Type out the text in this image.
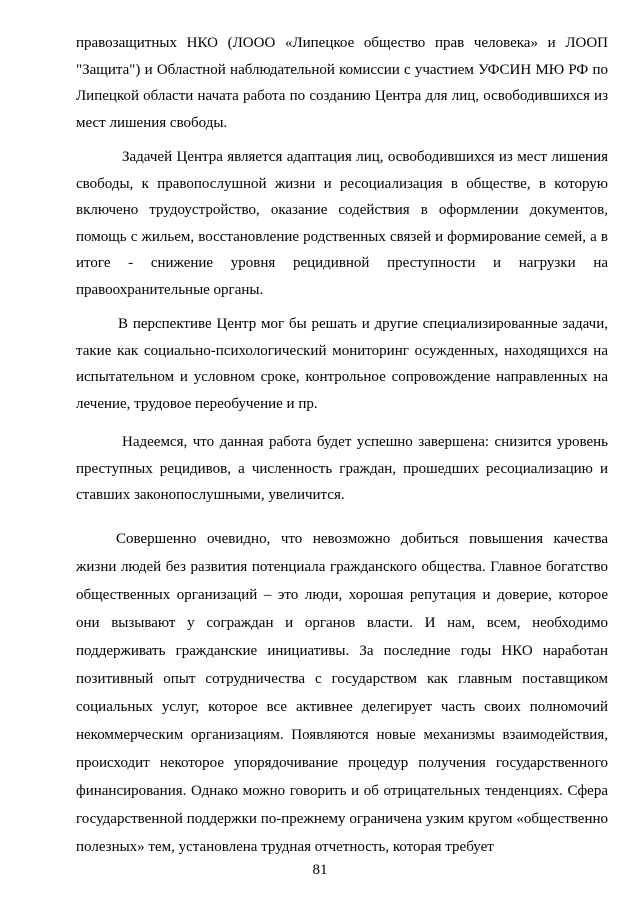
правозащитных НКО (ЛООО «Липецкое общество прав человека» и ЛООП "Защита") и Областной наблюдательной комиссии с участием УФСИН МЮ РФ по Липецкой области начата работа по созданию Центра для лиц, освободившихся из мест лишения свободы.

Задачей Центра является адаптация лиц, освободившихся из мест лишения свободы, к правопослушной жизни и ресоциализация в обществе, в которую включено трудоустройство, оказание содействия в оформлении документов, помощь с жильем, восстановление родственных связей и формирование семей, а в итоге - снижение уровня рецидивной преступности и нагрузки на правоохранительные органы.

В перспективе Центр мог бы решать и другие специализированные задачи, такие как социально-психологический мониторинг осужденных, находящихся на испытательном и условном сроке, контрольное сопровождение направленных на лечение, трудовое переобучение и пр.

Надеемся, что данная работа будет успешно завершена: снизится уровень преступных рецидивов, а численность граждан, прошедших ресоциализацию и ставших законопослушными, увеличится.

Совершенно очевидно, что невозможно добиться повышения качества жизни людей без развития потенциала гражданского общества. Главное богатство общественных организаций – это люди, хорошая репутация и доверие, которое они вызывают у сограждан и органов власти. И нам, всем, необходимо поддерживать гражданские инициативы. За последние годы НКО наработан позитивный опыт сотрудничества с государством как главным поставщиком социальных услуг, которое все активнее делегирует часть своих полномочий некоммерческим организациям. Появляются новые механизмы взаимодействия, происходит некоторое упорядочивание процедур получения государственного финансирования. Однако можно говорить и об отрицательных тенденциях. Сфера государственной поддержки по-прежнему ограничена узким кругом «общественно полезных» тем, установлена трудная отчетность, которая требует

81
